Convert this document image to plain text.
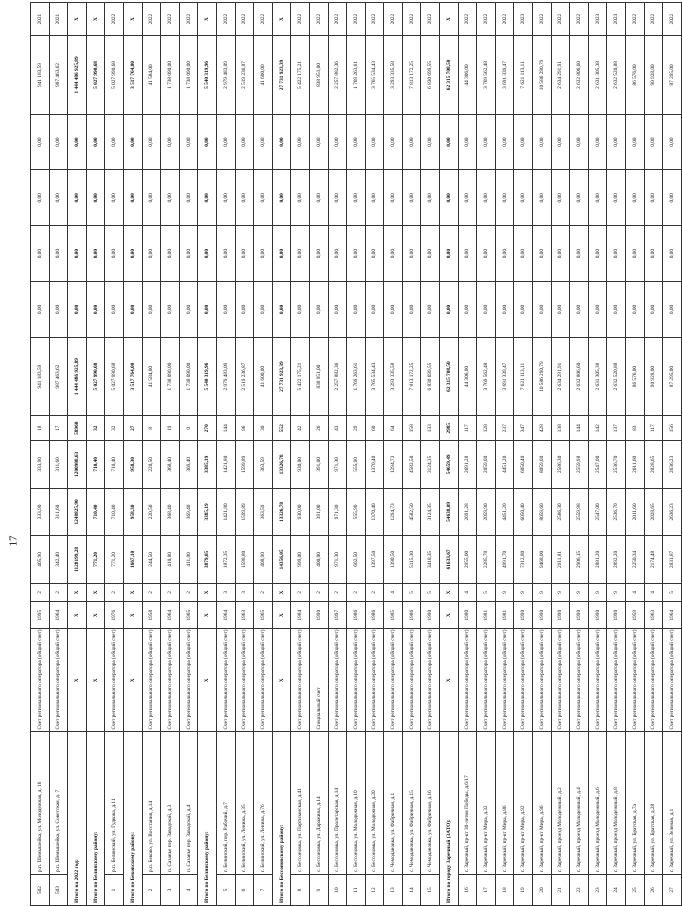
17
502	р.п. Шемышейка, ул. Молодежная, д. 16	Счет регионального оператора (общий счет)	1995	2	405,90	333,90	333,90	18	941 183,59	0,00	0,00	0,00	0,00	941 183,59	2021
503	р.п. Шемышейка, ул. Советская, д. 7	Счет регионального оператора (общий счет)	1964	2	342,40	311,60	311,60	17	987 463,62	0,00	0,00	0,00	0,00	987 463,62	2021
Итого на 2022 год:		X	X	X	1128199,28	1248825,90	1200908,63	58960	1 444 486 925,89	0,00	0,00	0,00	0,00	1 444 486 925,89	X
Итого по Белинскому району:		X	X	X	771,20	710,40	710,40	32	5 027 990,68	0,00	0,00	0,00	0,00	5 027 990,68	X
1	р.п. Белинский, ул. Гудкова, д.11	Счет регионального оператора (общий счет)	1976	2	771,20	710,40	710,40	32	5 027 990,68	0,00	0,00	0,00	0,00	5 027 990,68	2022
Итого по Бековскому району:		X	X	X	1667,10	958,30	958,30	27	3 517 764,00	0,00	0,00	0,00	0,00	3 517 764,00	X
2	р.п. Беково, ул. Восстания, д.14	Счет регионального оператора (общий счет)	1958	2	244,50	220,50	220,50	8	41 584,00	0,00	0,00	0,00	0,00	41 584,00	2022
3	п. Сазанье пер. Заводской, д.3	Счет регионального оператора (общий счет)	1964	2	410,80	368,40	368,40	19	1 738 090,00	0,00	0,00	0,00	0,00	1 738 090,00	2022
4	п. Сазанье пер. Заводской, д.4	Счет регионального оператора (общий счет)	1965	2	411,80	369,40	369,40	0	1 738 090,00	0,00	0,00	0,00	0,00	1 738 090,00	2022
Итого по Белинскому району:		X	X	X	3879,05	3385,19	3385,19	270	5 540 319,96	0,00	0,00	0,00	0,00	5 540 319,96	X
5	г. Белинский, пер. Рабочий, д.7	Счет регионального оператора (общий счет)	1964	3	1872,35	1421,80	1421,80	144	2 979 483,09	0,00	0,00	0,00	0,00	2 979 483,09	2022
6	г. Белинский, ул. Ленина, д.35	Счет регионального оператора (общий счет)	1963	3	1598,80	1599,89	1599,89	96	2 519 236,87	0,00	0,00	0,00	0,00	2 519 236,87	2022
7	г. Белинский, ул. Ленина, д.76	Счет регионального оператора (общий счет)	1965	2	408,90	363,59	363,59	30	41 600,00	0,00	0,00	0,00	0,00	41 600,00	2022
Итого по Бессоновскому району:		X	X	X	14356,05	13326,78	13326,78	552	27 731 923,39	0,00	0,00	0,00	0,00	27 731 923,39	X
8	с. Бессоновка, ул. Партизанская, д.41	Счет регионального оператора (общий счет)	1984	2	999,00	930,00	930,00	42	5 422 175,21	0,00	0,00	0,00	0,00	5 422 175,21	2022
9	с. Бессоновка, ул. Даражина, д.14	Специальный счет	1990	2	400,00	391,00	391,00	26	838 951,00	0,00	0,00	0,00	0,00	838 951,00	2022
10	с. Бессоновка, ул. Пролетарская, д.14	Счет регионального оператора (общий счет)	1997	2	971,30	971,30	971,30	43	2 257 882,36	0,00	0,00	0,00	0,00	2 257 882,36	2022
11	с. Бессоновка, ул. Молодежная, д.10	Счет регионального оператора (общий счет)	1986	2	602,50	555,90	555,90	29	1 769 263,61	0,00	0,00	0,00	0,00	1 769 263,61	2022
12	с. Бессоновка, ул. Молодежная, д.20	Счет регионального оператора (общий счет)	1986	2	1397,50	1370,40	1370,40	60	3 765 534,43	0,00	0,00	0,00	0,00	3 765 534,43	2022
13	с. Чемодановка, ул. Фабричная, д.1	Счет регионального оператора (общий счет)	1985	4	1390,50	1294,73	1294,73	64	3 293 335,58	0,00	0,00	0,00	0,00	3 293 335,58	2022
14	с. Чемодановка, ул. Фабричная, д.15	Счет регионального оператора (общий счет)	1986	5	5115,30	4582,50	4582,50	158	7 813 172,25	0,00	0,00	0,00	0,00	7 813 172,25	2022
15	с. Чемодановка, ул. Фабричная, д.16	Счет регионального оператора (общий счет)	1990	5	3418,35	3124,35	3124,35	133	6 830 699,55	0,00	0,00	0,00	0,00	6 830 699,55	2022
Итого по городу Заречный (ЗАТО):		X	X	X	61633,67	54638,09	54659,49	2985	62 315 708,50	0,00	0,00	0,00	0,00	62 315 708,50	X
16	г. Заречный, пр-кт 30-летия Победы, д.6/17	Счет регионального оператора (общий счет)	1980	4	2955,00	2691,28	2691,28	117	44 306,00	0,00	0,00	0,00	0,00	44 306,00	2022
17	г. Заречный, пр-кт Мира, д.32	Счет регионального оператора (общий счет)	1981	5	2285,78	2059,90	2059,60	128	3 769 562,48	0,00	0,00	0,00	0,00	3 769 562,48	2022
18	г. Заречный, пр-кт Мира, д.86	Счет регионального оператора (общий счет)	1981	9	4991,70	4451,20	4451,20	237	3 691 339,47	0,00	0,00	0,00	0,00	3 691 339,47	2022
19	г. Заречный, пр-кт Мира, д.92	Счет регионального оператора (общий счет)	1990	9	7312,80	6050,40	6050,40	347	7 621 113,11	0,00	0,00	0,00	0,00	7 621 113,11	2023
20	г. Заречный, пр-кт Мира, д.96	Счет регионального оператора (общий счет)	1990	9	9468,00	8059,60	8059,60	428	10 586 290,79	0,00	0,00	0,00	0,00	10 586 290,79	2022
21	г. Заречный, проезд Молодежный, д.2	Счет регионального оператора (общий счет)	1990	9	2911,81	2586,30	2586,30	138	2 634 291,91	0,00	0,00	0,00	0,00	2 634 291,91	2022
22	г. Заречный, проезд Молодежный, д.4	Счет регионального оператора (общий счет)	1990	9	2906,15	2559,98	2559,98	144	2 632 806,60	0,00	0,00	0,00	0,00	2 632 806,60	2022
23	г. Заречный, проезд Молодежный, д.6	Счет регионального оператора (общий счет)	1990	9	2881,20	2547,00	2547,00	142	2 631 305,38	0,00	0,00	0,00	0,00	2 631 305,38	2023
24	г. Заречный, проезд Молодежный, д.8	Счет регионального оператора (общий счет)	1990	9	2892,20	2536,70	2536,70	137	2 632 520,88	0,00	0,00	0,00	0,00	2 632 520,88	2023
25	г. Заречный, ул. Братская, д.7а	Счет регионального оператора (общий счет)	1959	4	2250,34	2011,60	2011,60	83	86 576,00	0,00	0,00	0,00	0,00	86 576,00	2022
26	г. Заречный, ул. Братская, д.28	Счет регионального оператора (общий счет)	1963	4	2174,48	2028,65	2028,65	117	90 928,00	0,00	0,00	0,00	0,00	90 928,00	2022
27	г. Заречный, ул. Зеленая, д.1	Счет регионального оператора (общий счет)	1964	5	2831,87	2636,23	2636,23	156	87 295,00	0,00	0,00	0,00	0,00	87 295,00	2022
